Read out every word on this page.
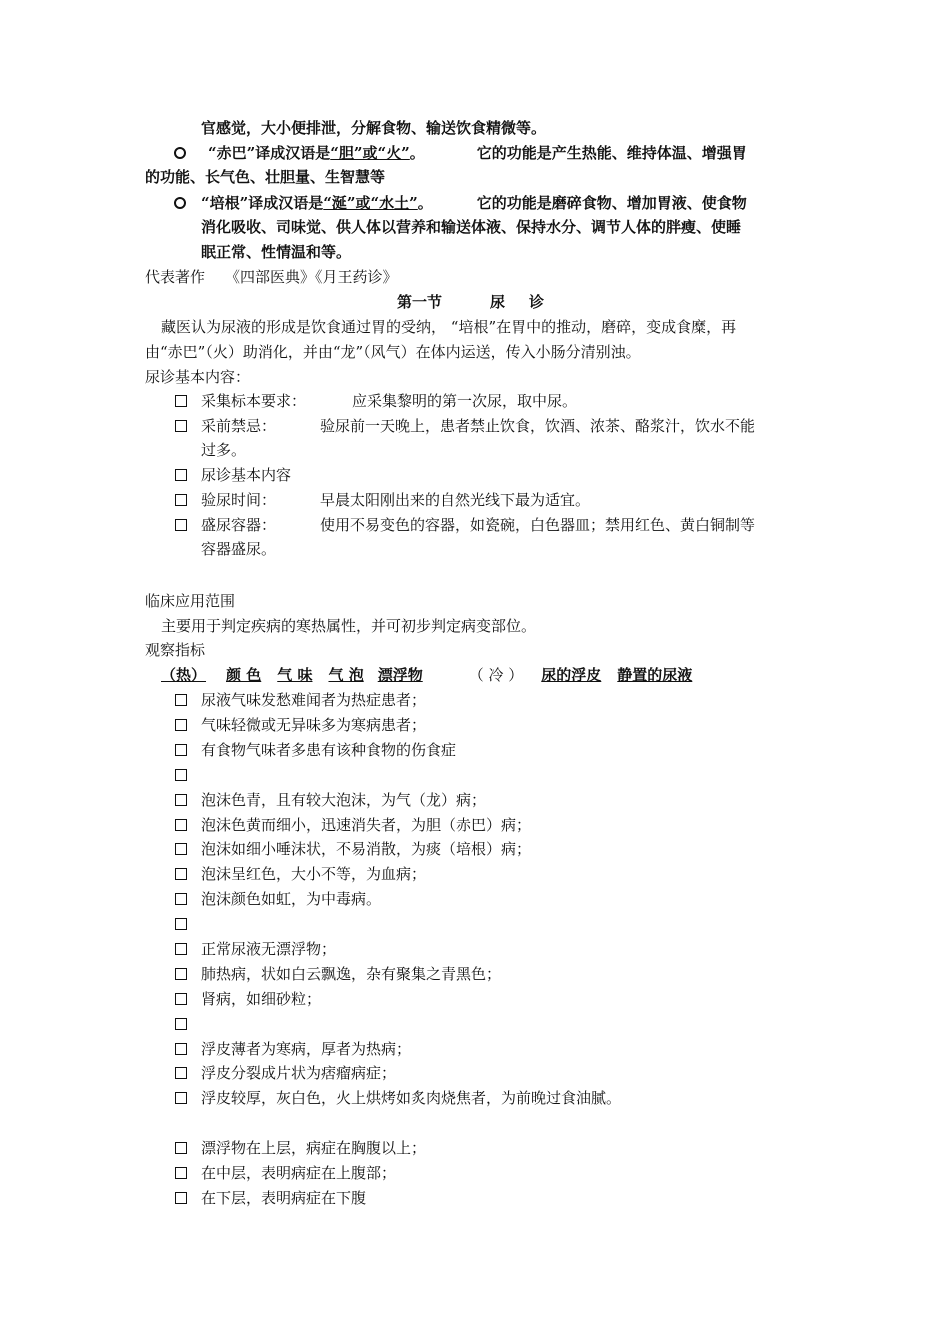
官感觉，大小便排泄，分解食物、输送饮食精微等。
“赤巴”译成汉语是“胆”或“火”。	它的功能是产生热能、维持体温、增强胃
的功能、长气色、壮胆量、生智慧等
“培根”译成汉语是“涎”或“水土”。	它的功能是磨碎食物、增加胃液、使食物
消化吸收、司味觉、供人体以营养和输送体液、保持水分、调节人体的胖瘦、使睡
眠正常、性情温和等。
代表著作 《四部医典》《月王药诊》
第一节	尿 诊
藏医认为尿液的形成是饮食通过胃的受纳， “培根”在胃中的推动，磨碎，变成食糜，再
由“赤巴”（火）助消化，并由“龙”（风气）在体内运送，传入小肠分清别浊。
尿诊基本内容：
采集标本要求：	应采集黎明的第一次尿，取中尿。
采前禁忌：	验尿前一天晚上，患者禁止饮食，饮酒、浓茶、酪浆汁，饮水不能
过多。
尿诊基本内容
验尿时间：	早晨太阳刚出来的自然光线下最为适宜。
盛尿容器：	使用不易变色的容器，如瓷碗，白色器皿；禁用红色、黄白铜制等
容器盛尿。
临床应用范围
主要用于判定疾病的寒热属性，并可初步判定病变部位。
观察指标
（热） 颜 色 气 味 气 泡 漂浮物	（ 冷 ） 尿的浮皮 静置的尿液
尿液气味发愁难闻者为热症患者；
气味轻微或无异味多为寒病患者；
有食物气味者多患有该种食物的伤食症
泡沫色青，且有较大泡沫，为气（龙）病；
泡沫色黄而细小，迅速消失者，为胆（赤巴）病；
泡沫如细小唾沫状，不易消散，为痰（培根）病；
泡沫呈红色，大小不等，为血病；
泡沫颜色如虹，为中毒病。
正常尿液无漂浮物；
肺热病，状如白云飘逸，杂有聚集之青黑色；
肾病，如细砂粒；
浮皮薄者为寒病，厚者为热病；
浮皮分裂成片状为痞瘤病症；
浮皮较厚，灰白色，火上烘烤如炙肉烧焦者，为前晚过食油腻。
漂浮物在上层，病症在胸腹以上；
在中层，表明病症在上腹部；
在下层，表明病症在下腹
